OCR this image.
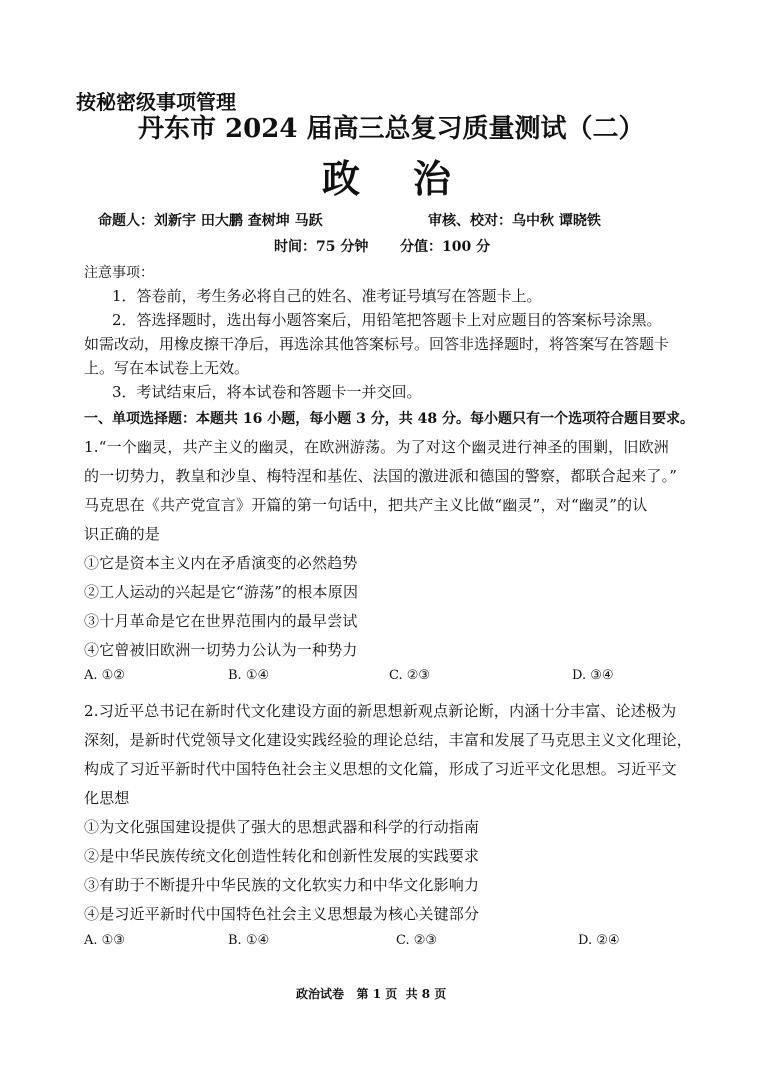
按秘密级事项管理
丹东市 2024 届高三总复习质量测试（二）
政    治
命题人：刘新宇 田大鹏 查树坤 马跃	审核、校对：乌中秋 谭晓铁
时间：75 分钟 分值：100 分
注意事项：
1．答卷前，考生务必将自己的姓名、准考证号填写在答题卡上。
2．答选择题时，选出每小题答案后，用铅笔把答题卡上对应题目的答案标号涂黑。
如需改动，用橡皮擦干净后，再选涂其他答案标号。回答非选择题时，将答案写在答题卡
上。写在本试卷上无效。
3．考试结束后，将本试卷和答题卡一并交回。
一、单项选择题：本题共 16 小题，每小题 3 分，共 48 分。每小题只有一个选项符合题目要求。
1.“一个幽灵，共产主义的幽灵，在欧洲游荡。为了对这个幽灵进行神圣的围剿，旧欧洲
的一切势力，教皇和沙皇、梅特涅和基佐、法国的激进派和德国的警察，都联合起来了。”
马克思在《共产党宣言》开篇的第一句话中，把共产主义比做“幽灵”，对“幽灵”的认
识正确的是
①它是资本主义内在矛盾演变的必然趋势
②工人运动的兴起是它“游荡”的根本原因
③十月革命是它在世界范围内的最早尝试
④它曾被旧欧洲一切势力公认为一种势力
A. ①②	B. ①④	C. ②③	D. ③④
2.习近平总书记在新时代文化建设方面的新思想新观点新论断，内涵十分丰富、论述极为
深刻，是新时代党领导文化建设实践经验的理论总结，丰富和发展了马克思主义文化理论，
构成了习近平新时代中国特色社会主义思想的文化篇，形成了习近平文化思想。习近平文
化思想
①为文化强国建设提供了强大的思想武器和科学的行动指南
②是中华民族传统文化创造性转化和创新性发展的实践要求
③有助于不断提升中华民族的文化软实力和中华文化影响力
④是习近平新时代中国特色社会主义思想最为核心关键部分
A. ①③	B. ①④	C. ②③	D. ②④
政治试卷   第 1 页  共 8 页
